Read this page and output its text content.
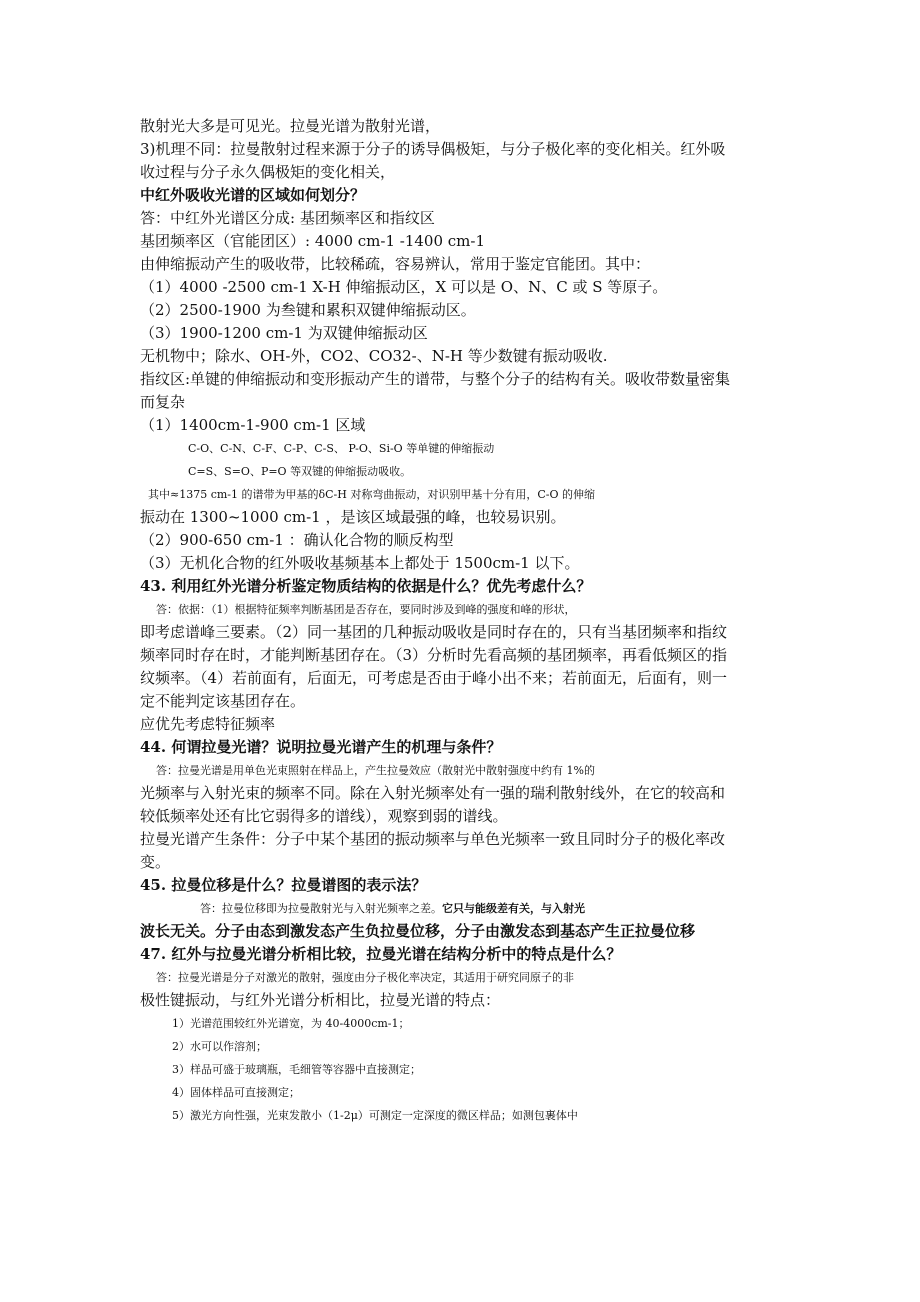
散射光大多是可见光。拉曼光谱为散射光谱，
3)机理不同：拉曼散射过程来源于分子的诱导偶极矩，与分子极化率的变化相关。红外吸
收过程与分子永久偶极矩的变化相关，
中红外吸收光谱的区域如何划分？
答：中红外光谱区分成: 基团频率区和指纹区
基团频率区（官能团区）: 4000 cm-1 -1400 cm-1
由伸缩振动产生的吸收带，比较稀疏，容易辨认，常用于鉴定官能团。其中：
（1）4000 -2500 cm-1 X-H 伸缩振动区，X 可以是 O、N、C 或 S 等原子。
（2）2500-1900 为叁键和累积双键伸缩振动区。
（3）1900-1200 cm-1 为双键伸缩振动区
无机物中；除水、OH-外，CO2、CO32-、N-H 等少数键有振动吸收.
指纹区:单键的伸缩振动和变形振动产生的谱带，与整个分子的结构有关。吸收带数量密集
而复杂
（1）1400cm-1-900 cm-1 区域
C-O、C-N、C-F、C-P、C-S、 P-O、Si-O 等单键的伸缩振动
C=S、S=O、P=O 等双键的伸缩振动吸收。
其中≈1375 cm-1 的谱带为甲基的δC-H 对称弯曲振动，对识别甲基十分有用，C-O 的伸缩
振动在 1300~1000 cm-1 ，是该区域最强的峰，也较易识别。
（2）900-650 cm-1 ：确认化合物的顺反构型
（3）无机化合物的红外吸收基频基本上都处于 1500cm-1 以下。
43. 利用红外光谱分析鉴定物质结构的依据是什么？优先考虑什么？
答：依据：（1）根据特征频率判断基团是否存在，要同时涉及到峰的强度和峰的形状，
即考虑谱峰三要素。（2）同一基团的几种振动吸收是同时存在的，只有当基团频率和指纹
频率同时存在时，才能判断基团存在。（3）分析时先看高频的基团频率，再看低频区的指
纹频率。（4）若前面有，后面无，可考虑是否由于峰小出不来；若前面无，后面有，则一
定不能判定该基团存在。
应优先考虑特征频率
44. 何谓拉曼光谱？说明拉曼光谱产生的机理与条件？
答：拉曼光谱是用单色光束照射在样品上，产生拉曼效应（散射光中散射强度中约有 1%的
光频率与入射光束的频率不同。除在入射光频率处有一强的瑞利散射线外，在它的较高和
较低频率处还有比它弱得多的谱线），观察到弱的谱线。
拉曼光谱产生条件：分子中某个基团的振动频率与单色光频率一致且同时分子的极化率改
变。
45. 拉曼位移是什么？拉曼谱图的表示法？
答：拉曼位移即为拉曼散射光与入射光频率之差。它只与能级差有关，与入射光
波长无关。分子由态到激发态产生负拉曼位移，分子由激发态到基态产生正拉曼位移
47. 红外与拉曼光谱分析相比较，拉曼光谱在结构分析中的特点是什么？
答：拉曼光谱是分子对激光的散射，强度由分子极化率决定，其适用于研究同原子的非
极性键振动，与红外光谱分析相比，拉曼光谱的特点：
1）光谱范围较红外光谱宽，为 40-4000cm-1；
2）水可以作溶剂；
3）样品可盛于玻璃瓶，毛细管等容器中直接测定；
4）固体样品可直接测定；
5）激光方向性强，光束发散小（1-2μ）可测定一定深度的微区样品；如测包裹体中
